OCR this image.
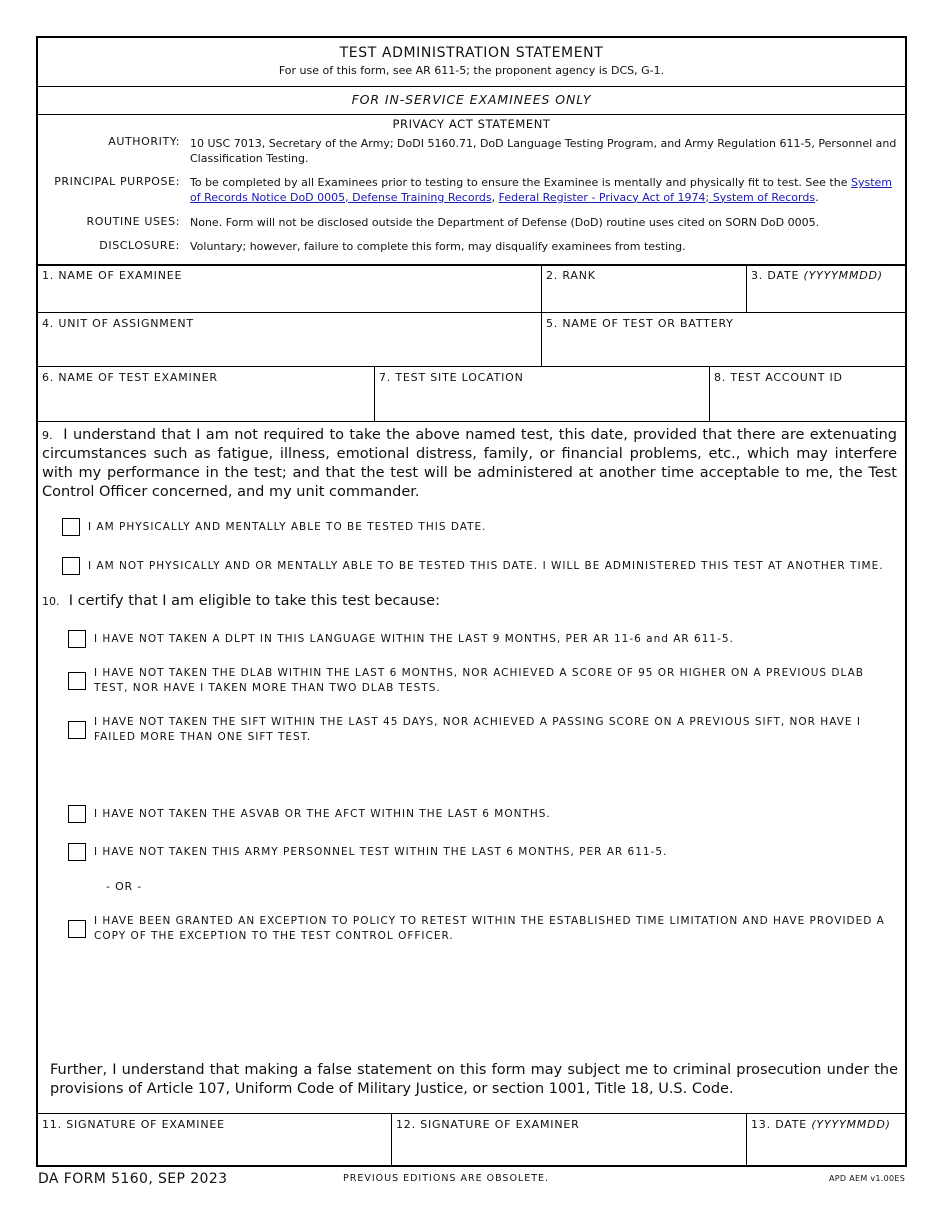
TEST ADMINISTRATION STATEMENT
For use of this form, see AR 611-5; the proponent agency is DCS, G-1.
FOR IN-SERVICE EXAMINEES ONLY
PRIVACY ACT STATEMENT
AUTHORITY: 10 USC 7013, Secretary of the Army; DoDI 5160.71, DoD Language Testing Program, and Army Regulation 611-5, Personnel and Classification Testing.
PRINCIPAL PURPOSE: To be completed by all Examinees prior to testing to ensure the Examinee is mentally and physically fit to test. See the System of Records Notice DoD 0005, Defense Training Records, Federal Register - Privacy Act of 1974; System of Records.
ROUTINE USES: None. Form will not be disclosed outside the Department of Defense (DoD) routine uses cited on SORN DoD 0005.
DISCLOSURE: Voluntary; however, failure to complete this form, may disqualify examinees from testing.
1. NAME OF EXAMINEE	2. RANK	3. DATE (YYYYMMDD)
4. UNIT OF ASSIGNMENT	5. NAME OF TEST OR BATTERY
6. NAME OF TEST EXAMINER	7. TEST SITE LOCATION	8. TEST ACCOUNT ID
9. I understand that I am not required to take the above named test, this date, provided that there are extenuating circumstances such as fatigue, illness, emotional distress, family, or financial problems, etc., which may interfere with my performance in the test; and that the test will be administered at another time acceptable to me, the Test Control Officer concerned, and my unit commander.
I AM PHYSICALLY AND MENTALLY ABLE TO BE TESTED THIS DATE.
I AM NOT PHYSICALLY AND OR MENTALLY ABLE TO BE TESTED THIS DATE. I WILL BE ADMINISTERED THIS TEST AT ANOTHER TIME.
10. I certify that I am eligible to take this test because:
I HAVE NOT TAKEN A DLPT IN THIS LANGUAGE WITHIN THE LAST 9 MONTHS, PER AR 11-6 and AR 611-5.
I HAVE NOT TAKEN THE DLAB WITHIN THE LAST 6 MONTHS, NOR ACHIEVED A SCORE OF 95 OR HIGHER ON A PREVIOUS DLAB TEST, NOR HAVE I TAKEN MORE THAN TWO DLAB TESTS.
I HAVE NOT TAKEN THE SIFT WITHIN THE LAST 45 DAYS, NOR ACHIEVED A PASSING SCORE ON A PREVIOUS SIFT, NOR HAVE I FAILED MORE THAN ONE SIFT TEST.
I HAVE NOT TAKEN THE ASVAB OR THE AFCT WITHIN THE LAST 6 MONTHS.
I HAVE NOT TAKEN THIS ARMY PERSONNEL TEST WITHIN THE LAST 6 MONTHS, PER AR 611-5.
- OR -
I HAVE BEEN GRANTED AN EXCEPTION TO POLICY TO RETEST WITHIN THE ESTABLISHED TIME LIMITATION AND HAVE PROVIDED A COPY OF THE EXCEPTION TO THE TEST CONTROL OFFICER.
Further, I understand that making a false statement on this form may subject me to criminal prosecution under the provisions of Article 107, Uniform Code of Military Justice, or section 1001, Title 18, U.S. Code.
11. SIGNATURE OF EXAMINEE	12. SIGNATURE OF EXAMINER	13. DATE (YYYYMMDD)
DA FORM 5160, SEP 2023	PREVIOUS EDITIONS ARE OBSOLETE.	APD AEM v1.00ES
